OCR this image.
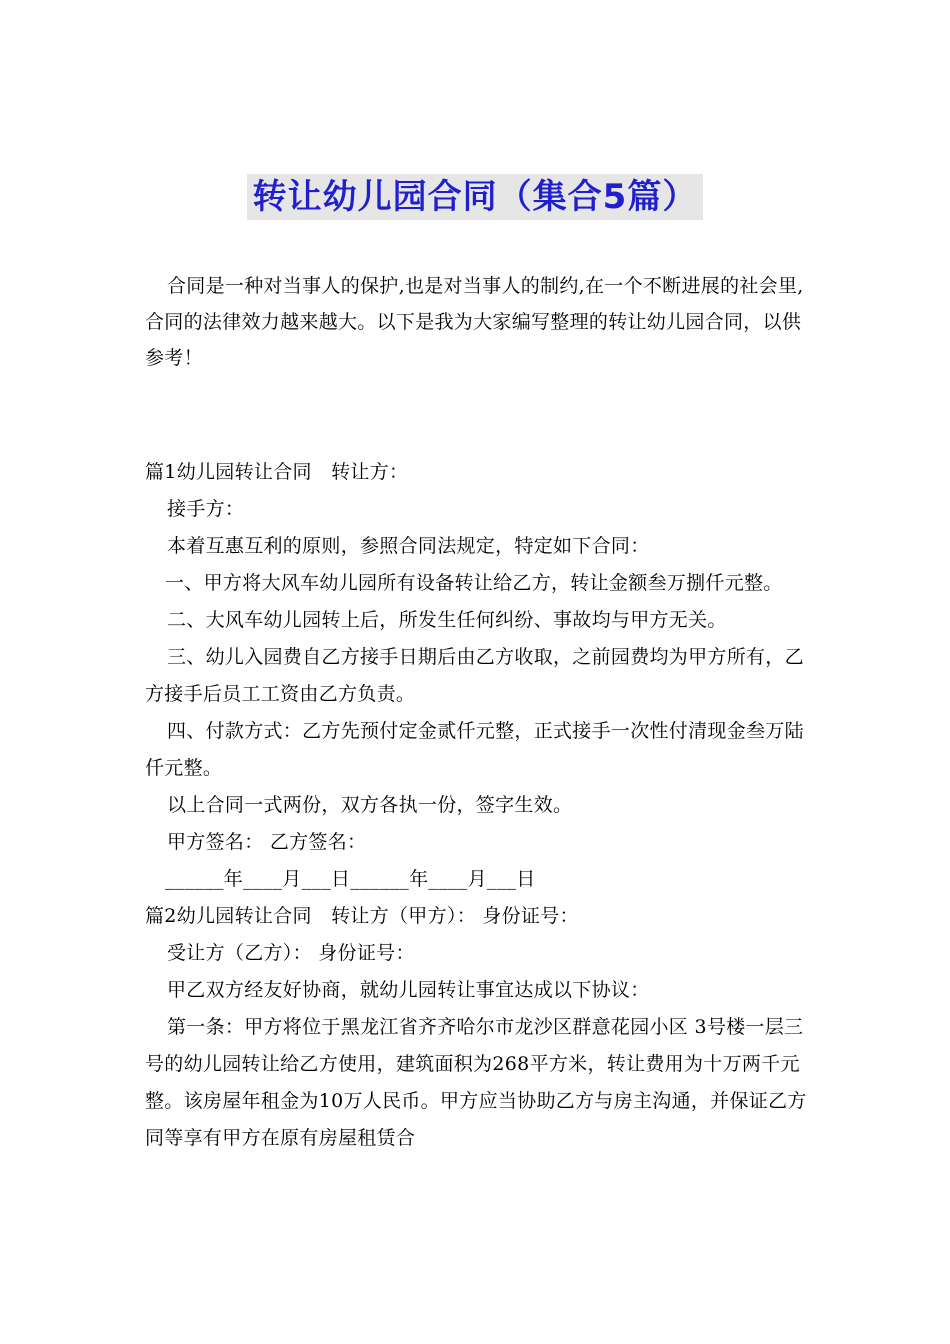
转让幼儿园合同（集合5篇）

合同是一种对当事人的保护,也是对当事人的制约,在一个不断进展的社会里,合同的法律效力越来越大。以下是我为大家编写整理的转让幼儿园合同，以供参考！

篇1幼儿园转让合同　转让方：

接手方：

本着互惠互利的原则，参照合同法规定，特定如下合同：

一、甲方将大风车幼儿园所有设备转让给乙方，转让金额叁万捌仟元整。

二、大风车幼儿园转上后，所发生任何纠纷、事故均与甲方无关。

三、幼儿入园费自乙方接手日期后由乙方收取，之前园费均为甲方所有，乙方接手后员工工资由乙方负责。

四、付款方式：乙方先预付定金贰仟元整，正式接手一次性付清现金叁万陆仟元整。

以上合同一式两份，双方各执一份，签字生效。

甲方签名： 乙方签名：

______年____月___日______年____月___日

篇2幼儿园转让合同　转让方（甲方）： 身份证号：

受让方（乙方）： 身份证号：

甲乙双方经友好协商，就幼儿园转让事宜达成以下协议：

第一条：甲方将位于黑龙江省齐齐哈尔市龙沙区群意花园小区 3号楼一层三号的幼儿园转让给乙方使用，建筑面积为268平方米，转让费用为十万两千元整。该房屋年租金为10万人民币。甲方应当协助乙方与房主沟通，并保证乙方同等享有甲方在原有房屋租赁合
